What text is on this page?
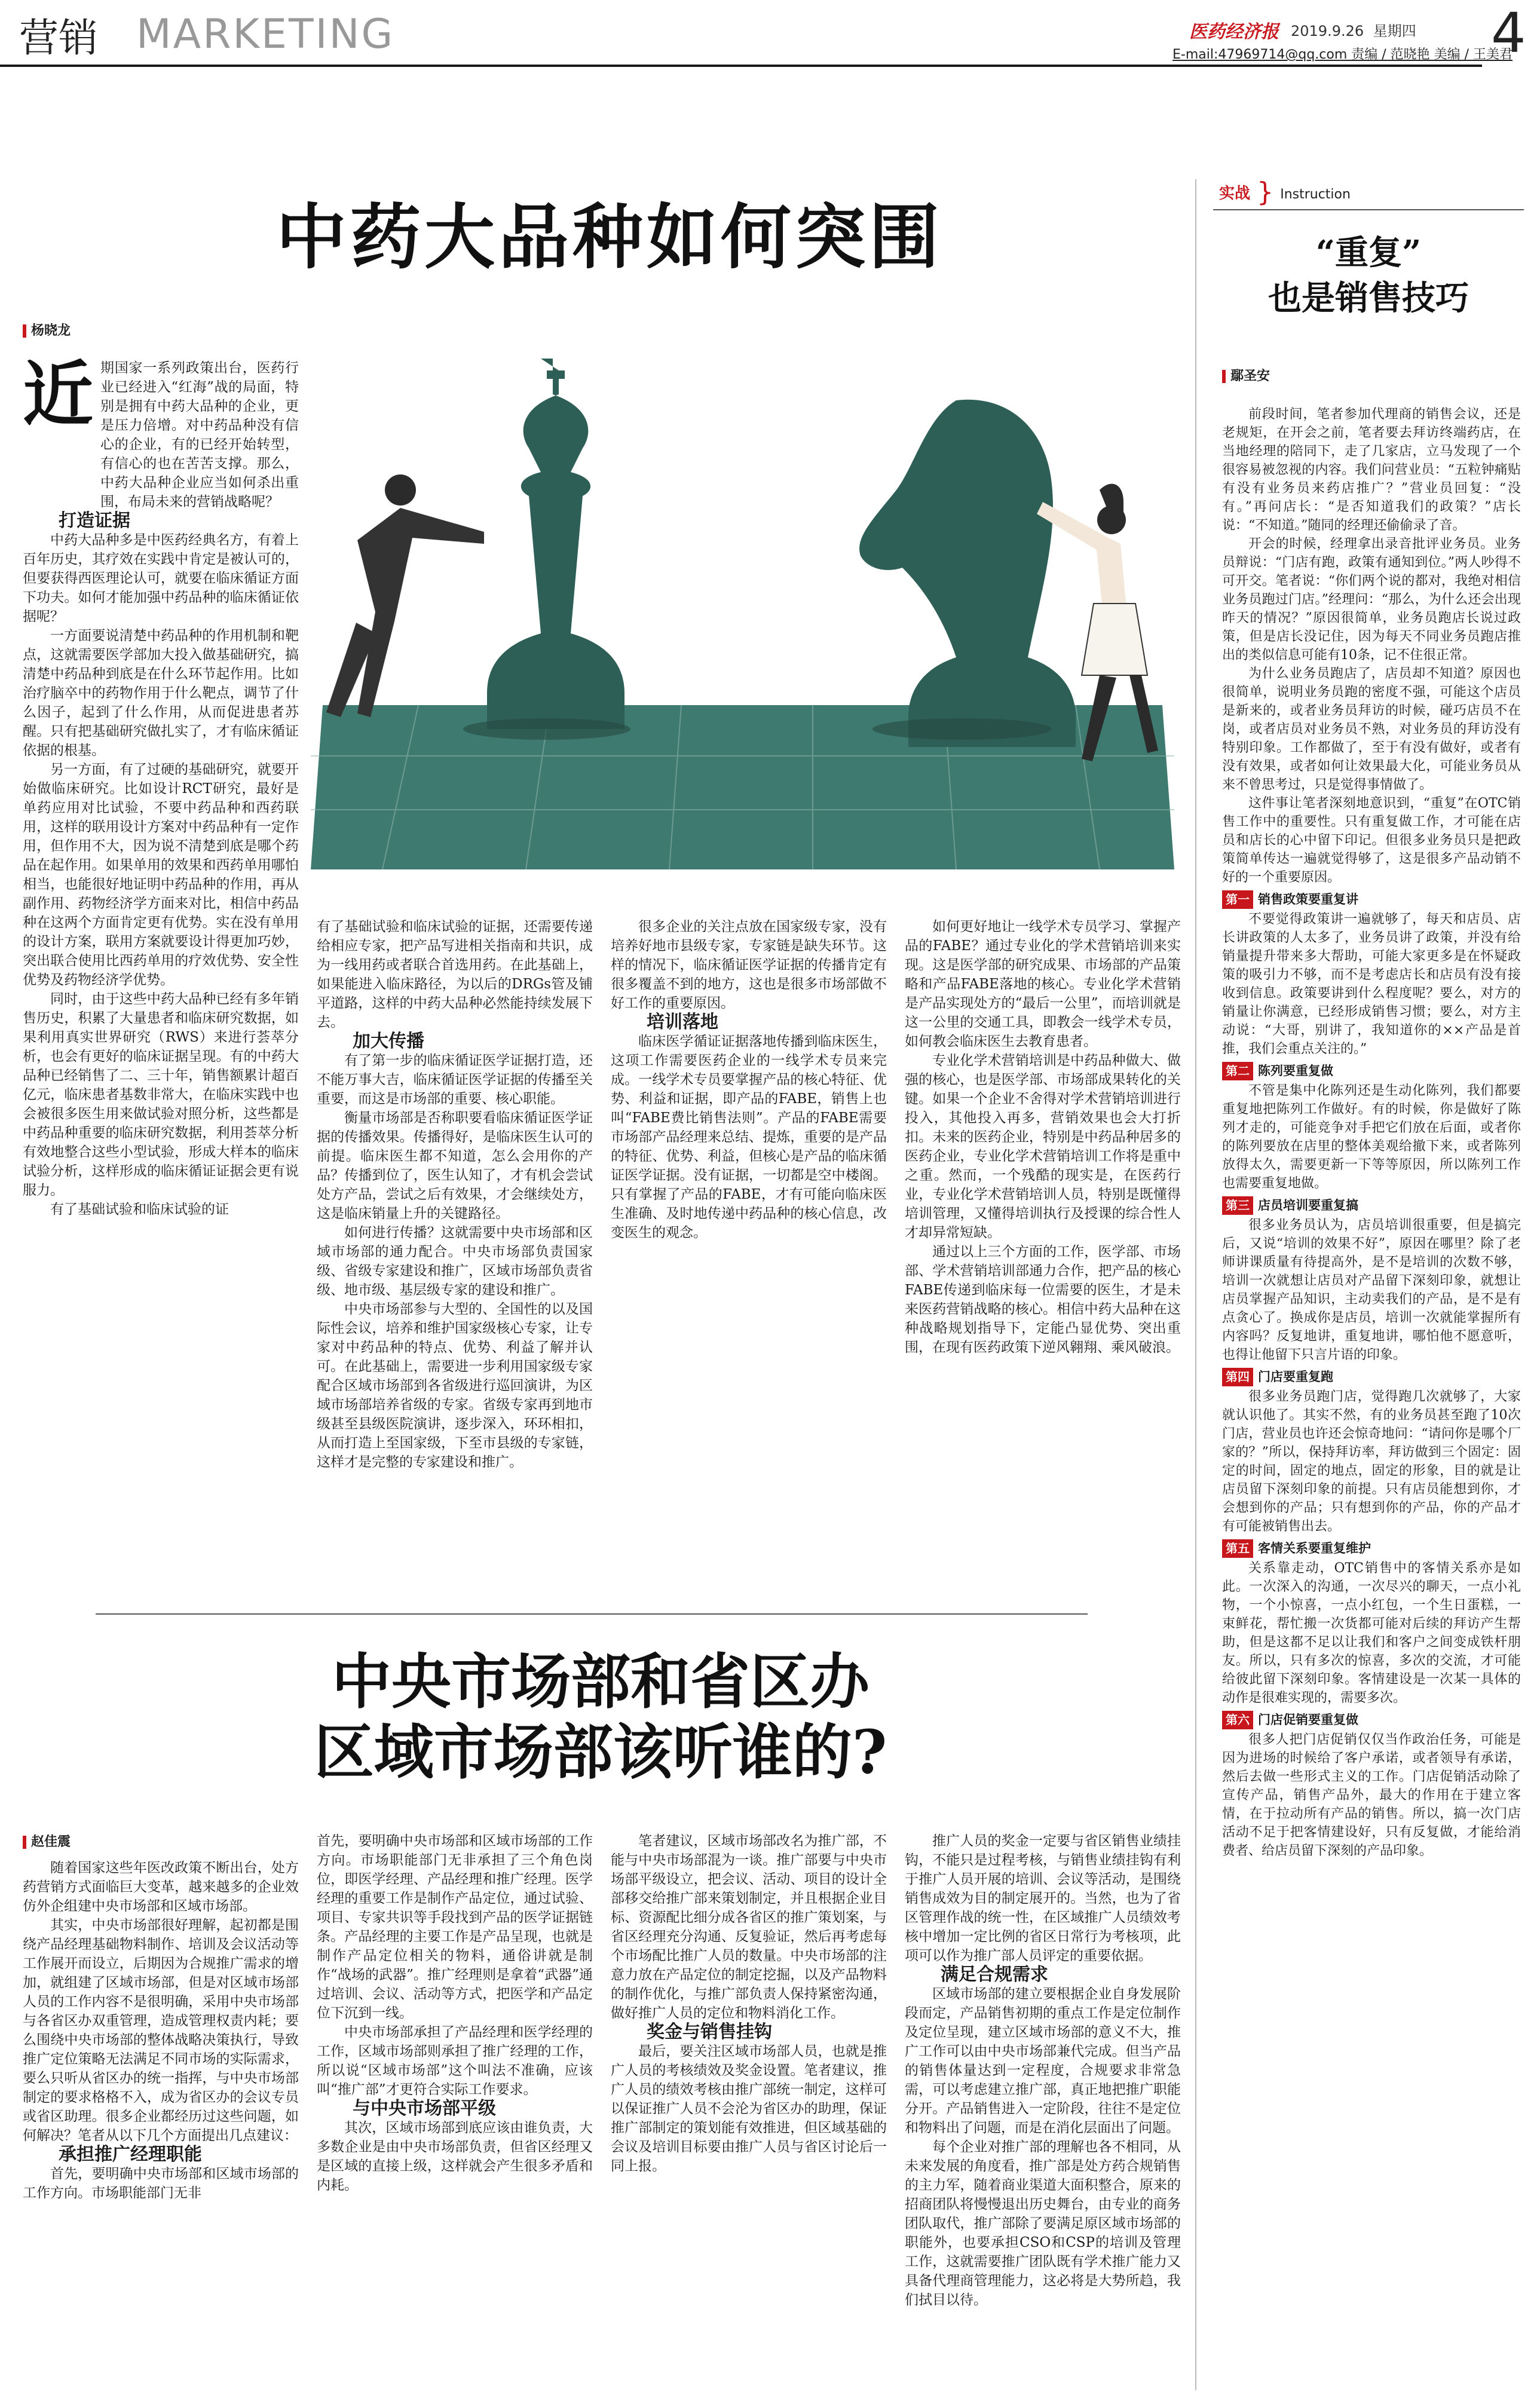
营销 MARKETING	医药经济报 2019.9.26 星期四 4
E-mail:47969714@qq.com 责编 / 范晓艳 美编 / 王美君
中药大品种如何突围
杨晓龙
近 期国家一系列政策出台，医药行业已经进入“红海”战的局面，特别是拥有中药大品种的企业，更是压力倍增。对中药品种没有信心的企业，有的已经开始转型，有信心的也在苦苦支撑。那么，中药大品种企业应当如何杀出重围，布局未来的营销战略呢？

打造证据

中药大品种多是中医药经典名方，有着上百年历史，其疗效在实践中肯定是被认可的，但要获得西医理论认可，就要在临床循证方面下功夫。如何才能加强中药品种的临床循证依据呢？

一方面要说清楚中药品种的作用机制和靶点，这就需要医学部加大投入做基础研究，搞清楚中药品种到底是在什么环节起作用。比如治疗脑卒中的药物作用于什么靶点，调节了什么因子，起到了什么作用，从而促进患者苏醒。只有把基础研究做扎实了，才有临床循证依据的根基。

另一方面，有了过硬的基础研究，就要开始做临床研究。比如设计RCT研究，最好是单药应用对比试验，不要中药品种和西药联用，这样的联用设计方案对中药品种有一定作用，但作用不大，因为说不清楚到底是哪个药品在起作用。如果单用的效果和西药单用哪怕相当，也能很好地证明中药品种的作用，再从副作用、药物经济学方面来对比，相信中药品种在这两个方面肯定更有优势。实在没有单用的设计方案，联用方案就要设计得更加巧妙，突出联合使用比西药单用的疗效优势、安全性优势及药物经济学优势。

同时，由于这些中药大品种已经有多年销售历史，积累了大量患者和临床研究数据，如果利用真实世界研究（RWS）来进行荟萃分析，也会有更好的临床证据呈现。有的中药大品种已经销售了二、三十年，销售额累计超百亿元，临床患者基数非常大，在临床实践中也会被很多医生用来做试验对照分析，这些都是中药品种重要的临床研究数据，利用荟萃分析有效地整合这些小型试验，形成大样本的临床试验分析，这样形成的临床循证证据会更有说服力。

有了基础试验和临床试验的证

有了基础试验和临床试验的证据，还需要传递给相应专家，把产品写进相关指南和共识，成为一线用药或者联合首选用药。在此基础上，如果能进入临床路径，为以后的DRGs管及铺平道路，这样的中药大品种必然能持续发展下去。

加大传播

有了第一步的临床循证医学证据打造，还不能万事大吉，临床循证医学证据的传播至关重要，而这是市场部的重要、核心职能。

衡量市场部是否称职要看临床循证医学证据的传播效果。传播得好，是临床医生认可的前提。临床医生都不知道，怎么会用你的产品？传播到位了，医生认知了，才有机会尝试处方产品，尝试之后有效果，才会继续处方，这是临床销量上升的关键路径。

如何进行传播？这就需要中央市场部和区域市场部的通力配合。中央市场部负责国家级、省级专家建设和推广，区域市场部负责省级、地市级、基层级专家的建设和推广。

中央市场部参与大型的、全国性的以及国际性会议，培养和维护国家级核心专家，让专家对中药品种的特点、优势、利益了解并认可。在此基础上，需要进一步利用国家级专家配合区域市场部到各省级进行巡回演讲，为区域市场部培养省级的专家。省级专家再到地市级甚至县级医院演讲，逐步深入，环环相扣，从而打造上至国家级，下至市县级的专家链，这样才是完整的专家建设和推广。

很多企业的关注点放在国家级专家，没有培养好地市县级专家，专家链是缺失环节。这样的情况下，临床循证医学证据的传播肯定有很多覆盖不到的地方，这也是很多市场部做不好工作的重要原因。

培训落地

临床医学循证证据落地传播到临床医生，这项工作需要医药企业的一线学术专员来完成。一线学术专员要掌握产品的核心特征、优势、利益和证据，即产品的FABE，销售上也叫“FABE费比销售法则”。产品的FABE需要市场部产品经理来总结、提炼，重要的是产品的特征、优势、利益，但核心是产品的临床循证医学证据。没有证据，一切都是空中楼阁。只有掌握了产品的FABE，才有可能向临床医生准确、及时地传递中药品种的核心信息，改变医生的观念。

如何更好地让一线学术专员学习、掌握产品的FABE？通过专业化的学术营销培训来实现。这是医学部的研究成果、市场部的产品策略和产品FABE落地的核心。专业化学术营销是产品实现处方的“最后一公里”，而培训就是这一公里的交通工具，即教会一线学术专员，如何教会临床医生去教育患者。

专业化学术营销培训是中药品种做大、做强的核心，也是医学部、市场部成果转化的关键。如果一个企业不舍得对学术营销培训进行投入，其他投入再多，营销效果也会大打折扣。未来的医药企业，特别是中药品种居多的医药企业，专业化学术营销培训工作将是重中之重。然而，一个残酷的现实是，在医药行业，专业化学术营销培训人员，特别是既懂得培训管理，又懂得培训执行及授课的综合性人才却异常短缺。

通过以上三个方面的工作，医学部、市场部、学术营销培训部通力合作，把产品的核心FABE传递到临床每一位需要的医生，才是未来医药营销战略的核心。相信中药大品种在这种战略规划指导下，定能凸显优势、突出重围，在现有医药政策下逆风翱翔、乘风破浪。

中央市场部和省区办
区域市场部该听谁的?
赵佳震

随着国家这些年医改政策不断出台，处方药营销方式面临巨大变革，越来越多的企业效仿外企组建中央市场部和区域市场部。

其实，中央市场部很好理解，起初都是围绕产品经理基础物料制作、培训及会议活动等工作展开而设立，后期因为合规推广需求的增加，就组建了区域市场部，但是对区域市场部人员的工作内容不是很明确，采用中央市场部与各省区办双重管理，造成管理权责内耗；要么围绕中央市场部的整体战略决策执行，导致推广定位策略无法满足不同市场的实际需求，要么只听从省区办的统一指挥，与中央市场部制定的要求格格不入，成为省区办的会议专员或省区助理。很多企业都经历过这些问题，如何解决？笔者从以下几个方面提出几点建议：

承担推广经理职能

首先，要明确中央市场部和区域市场部的工作方向。市场职能部门无非

首先，要明确中央市场部和区域市场部的工作方向。市场职能部门无非承担了三个角色岗位，即医学经理、产品经理和推广经理。医学经理的重要工作是制作产品定位，通过试验、项目、专家共识等手段找到产品的医学证据链条。产品经理的主要工作是产品呈现，也就是制作产品定位相关的物料，通俗讲就是制作“战场的武器”。推广经理则是拿着“武器”通过培训、会议、活动等方式，把医学和产品定位下沉到一线。

中央市场部承担了产品经理和医学经理的工作，区域市场部则承担了推广经理的工作，所以说“区域市场部”这个叫法不准确，应该叫“推广部”才更符合实际工作要求。

与中央市场部平级

其次，区域市场部到底应该由谁负责，大多数企业是由中央市场部负责，但省区经理又是区域的直接上级，这样就会产生很多矛盾和内耗。

笔者建议，区域市场部改名为推广部，不能与中央市场部混为一谈。推广部要与中央市场部平级设立，把会议、活动、项目的设计全部移交给推广部来策划制定，并且根据企业目标、资源配比细分成各省区的推广策划案，与省区经理充分沟通、反复验证，然后再考虑每个市场配比推广人员的数量。中央市场部的注意力放在产品定位的制定挖掘，以及产品物料的制作优化，与推广部负责人保持紧密沟通，做好推广人员的定位和物料消化工作。

奖金与销售挂钩

最后，要关注区域市场部人员，也就是推广人员的考核绩效及奖金设置。笔者建议，推广人员的绩效考核由推广部统一制定，这样可以保证推广人员不会沦为省区办的助理，保证推广部制定的策划能有效推进，但区域基础的会议及培训目标要由推广人员与省区讨论后一同上报。

推广人员的奖金一定要与省区销售业绩挂钩，不能只是过程考核，与销售业绩挂钩有利于推广人员开展的培训、会议等活动，是围绕销售成效为目的制定展开的。当然，也为了省区管理作战的统一性，在区域推广人员绩效考核中增加一定比例的省区日常行为考核项，此项可以作为推广部人员评定的重要依据。

满足合规需求

区域市场部的建立要根据企业自身发展阶段而定，产品销售初期的重点工作是定位制作及定位呈现，建立区域市场部的意义不大，推广工作可以由中央市场部兼代完成。但当产品的销售体量达到一定程度，合规要求非常急需，可以考虑建立推广部，真正地把推广职能分开。产品销售进入一定阶段，往往不是定位和物料出了问题，而是在消化层面出了问题。

每个企业对推广部的理解也各不相同，从未来发展的角度看，推广部是处方药合规销售的主力军，随着商业渠道大面积整合，原来的招商团队将慢慢退出历史舞台，由专业的商务团队取代，推广部除了要满足原区域市场部的职能外，也要承担CSO和CSP的培训及管理工作，这就需要推广团队既有学术推广能力又具备代理商管理能力，这必将是大势所趋，我们拭目以待。

实战 } Instruction
“重复”
也是销售技巧
鄢圣安

前段时间，笔者参加代理商的销售会议，还是老规矩，在开会之前，笔者要去拜访终端药店，在当地经理的陪同下，走了几家店，立马发现了一个很容易被忽视的内容。我们问营业员：“五粒钟痛贴有没有业务员来药店推广？”营业员回复：“没有。”再问店长：“是否知道我们的政策？”店长说：“不知道。”随同的经理还偷偷录了音。

开会的时候，经理拿出录音批评业务员。业务员辩说：“门店有跑，政策有通知到位。”两人吵得不可开交。笔者说：“你们两个说的都对，我绝对相信业务员跑过门店。”经理问：“那么，为什么还会出现昨天的情况？”原因很简单，业务员跑店长说过政策，但是店长没记住，因为每天不同业务员跑店推出的类似信息可能有10条，记不住很正常。

为什么业务员跑店了，店员却不知道？原因也很简单，说明业务员跑的密度不强，可能这个店员是新来的，或者业务员拜访的时候，碰巧店员不在岗，或者店员对业务员不熟，对业务员的拜访没有特别印象。工作都做了，至于有没有做好，或者有没有效果，或者如何让效果最大化，可能业务员从来不曾思考过，只是觉得事情做了。

这件事让笔者深刻地意识到，“重复”在OTC销售工作中的重要性。只有重复做工作，才可能在店员和店长的心中留下印记。但很多业务员只是把政策简单传达一遍就觉得够了，这是很多产品动销不好的一个重要原因。

第一 销售政策要重复讲

不要觉得政策讲一遍就够了，每天和店员、店长讲政策的人太多了，业务员讲了政策，并没有给销量提升带来多大帮助，可能大家更多是在怀疑政策的吸引力不够，而不是考虑店长和店员有没有接收到信息。政策要讲到什么程度呢？要么，对方的销量让你满意，已经形成销售习惯；要么，对方主动说：“大哥，别讲了，我知道你的××产品是首推，我们会重点关注的。”

第二 陈列要重复做

不管是集中化陈列还是生动化陈列，我们都要重复地把陈列工作做好。有的时候，你是做好了陈列才走的，可能竞争对手把它们放在后面，或者你的陈列要放在店里的整体美观给撤下来，或者陈列放得太久，需要更新一下等等原因，所以陈列工作也需要重复地做。

第三 店员培训要重复搞

很多业务员认为，店员培训很重要，但是搞完后，又说“培训的效果不好”，原因在哪里？除了老师讲课质量有待提高外，是不是培训的次数不够，培训一次就想让店员对产品留下深刻印象，就想让店员掌握产品知识，主动卖我们的产品，是不是有点贪心了。换成你是店员，培训一次就能掌握所有内容吗？反复地讲，重复地讲，哪怕他不愿意听，也得让他留下只言片语的印象。

第四 门店要重复跑

很多业务员跑门店，觉得跑几次就够了，大家就认识他了。其实不然，有的业务员甚至跑了10次门店，营业员也许还会惊奇地问：“请问你是哪个厂家的？”所以，保持拜访率，拜访做到三个固定：固定的时间，固定的地点，固定的形象，目的就是让店员留下深刻印象的前提。只有店员能想到你，才会想到你的产品；只有想到你的产品，你的产品才有可能被销售出去。

第五 客情关系要重复维护

关系靠走动，OTC销售中的客情关系亦是如此。一次深入的沟通，一次尽兴的聊天，一点小礼物，一个小惊喜，一点小红包，一个生日蛋糕，一束鲜花，帮忙搬一次货都可能对后续的拜访产生帮助，但是这都不足以让我们和客户之间变成铁杆朋友。所以，只有多次的惊喜，多次的交流，才可能给彼此留下深刻印象。客情建设是一次某一具体的动作是很难实现的，需要多次。

第六 门店促销要重复做

很多人把门店促销仅仅当作政治任务，可能是因为进场的时候给了客户承诺，或者领导有承诺，然后去做一些形式主义的工作。门店促销活动除了宣传产品，销售产品外，最大的作用在于建立客情，在于拉动所有产品的销售。所以，搞一次门店活动不足于把客情建设好，只有反复做，才能给消费者、给店员留下深刻的产品印象。
